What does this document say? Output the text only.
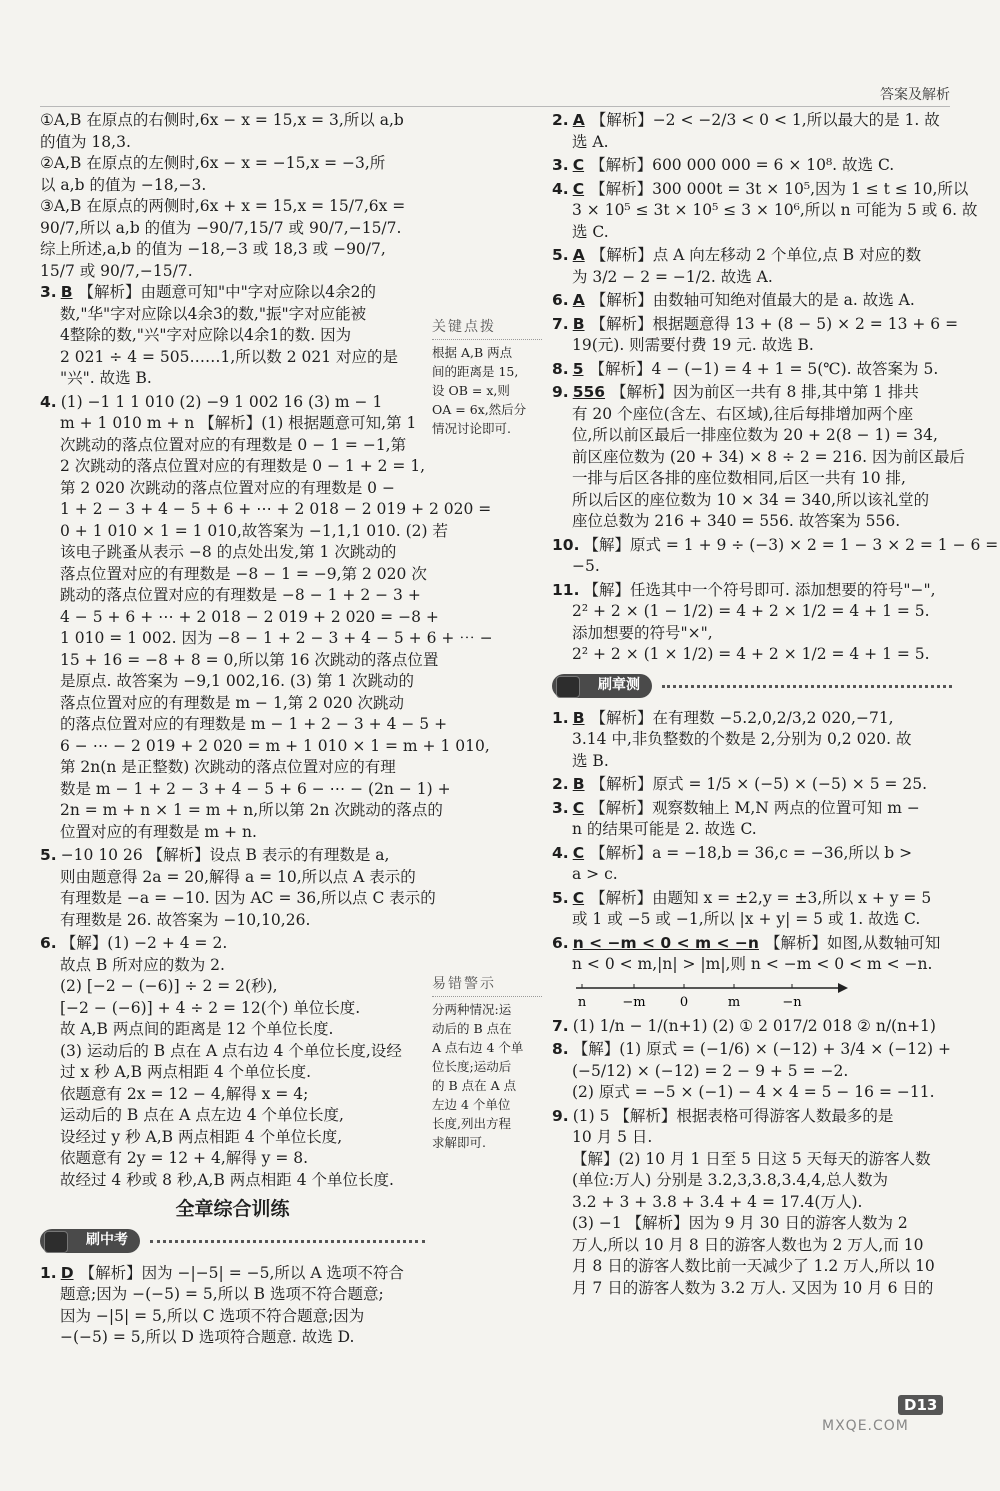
答案及解析
①A,B 在原点的右侧时,6x − x = 15,x = 3,所以 a,b
的值为 18,3.
②A,B 在原点的左侧时,6x − x = −15,x = −3,所
以 a,b 的值为 −18,−3.
③A,B 在原点的两侧时,6x + x = 15,x = 15/7,6x =
90/7,所以 a,b 的值为 −90/7,15/7 或 90/7,−15/7.
综上所述,a,b 的值为 −18,−3 或 18,3 或 −90/7,
15/7 或 90/7,−15/7.
3. B 【解析】由题意可知"中"字对应除以4余2的
数,"华"字对应除以4余3的数,"振"字对应能被
4整除的数,"兴"字对应除以4余1的数. 因为
2 021 ÷ 4 = 505……1,所以数 2 021 对应的是
"兴". 故选 B.
4. (1) −1 1 1 010 (2) −9 1 002 16 (3) m − 1
m + 1 010 m + n 【解析】(1) 根据题意可知,第 1
次跳动的落点位置对应的有理数是 0 − 1 = −1,第
2 次跳动的落点位置对应的有理数是 0 − 1 + 2 = 1,
第 2 020 次跳动的落点位置对应的有理数是 0 −
1 + 2 − 3 + 4 − 5 + 6 + ⋯ + 2 018 − 2 019 + 2 020 =
0 + 1 010 × 1 = 1 010,故答案为 −1,1,1 010. (2) 若
该电子跳蚤从表示 −8 的点处出发,第 1 次跳动的
落点位置对应的有理数是 −8 − 1 = −9,第 2 020 次
跳动的落点位置对应的有理数是 −8 − 1 + 2 − 3 +
4 − 5 + 6 + ⋯ + 2 018 − 2 019 + 2 020 = −8 +
1 010 = 1 002. 因为 −8 − 1 + 2 − 3 + 4 − 5 + 6 + ⋯ −
15 + 16 = −8 + 8 = 0,所以第 16 次跳动的落点位置
是原点. 故答案为 −9,1 002,16. (3) 第 1 次跳动的
落点位置对应的有理数是 m − 1,第 2 020 次跳动
的落点位置对应的有理数是 m − 1 + 2 − 3 + 4 − 5 +
6 − ⋯ − 2 019 + 2 020 = m + 1 010 × 1 = m + 1 010,
第 2n(n 是正整数) 次跳动的落点位置对应的有理
数是 m − 1 + 2 − 3 + 4 − 5 + 6 − ⋯ − (2n − 1) +
2n = m + n × 1 = m + n,所以第 2n 次跳动的落点的
位置对应的有理数是 m + n.
5. −10 10 26 【解析】设点 B 表示的有理数是 a,
则由题意得 2a = 20,解得 a = 10,所以点 A 表示的
有理数是 −a = −10. 因为 AC = 36,所以点 C 表示的
有理数是 26. 故答案为 −10,10,26.
6. 【解】(1) −2 + 4 = 2.
故点 B 所对应的数为 2.
(2) [−2 − (−6)] ÷ 2 = 2(秒),
[−2 − (−6)] + 4 ÷ 2 = 12(个) 单位长度.
故 A,B 两点间的距离是 12 个单位长度.
(3) 运动后的 B 点在 A 点右边 4 个单位长度,设经
过 x 秒 A,B 两点相距 4 个单位长度.
依题意有 2x = 12 − 4,解得 x = 4;
运动后的 B 点在 A 点左边 4 个单位长度,
设经过 y 秒 A,B 两点相距 4 个单位长度,
依题意有 2y = 12 + 4,解得 y = 8.
故经过 4 秒或 8 秒,A,B 两点相距 4 个单位长度.
全章综合训练
刷中考
1. D 【解析】因为 −|−5| = −5,所以 A 选项不符合
题意;因为 −(−5) = 5,所以 B 选项不符合题意;
因为 −|5| = 5,所以 C 选项不符合题意;因为
−(−5) = 5,所以 D 选项符合题意. 故选 D.
2. A 【解析】−2 < −2/3 < 0 < 1,所以最大的是 1. 故
选 A.
3. C 【解析】600 000 000 = 6 × 10⁸. 故选 C.
4. C 【解析】300 000t = 3t × 10⁵,因为 1 ≤ t ≤ 10,所以
3 × 10⁵ ≤ 3t × 10⁵ ≤ 3 × 10⁶,所以 n 可能为 5 或 6. 故
选 C.
5. A 【解析】点 A 向左移动 2 个单位,点 B 对应的数
为 3/2 − 2 = −1/2. 故选 A.
6. A 【解析】由数轴可知绝对值最大的是 a. 故选 A.
7. B 【解析】根据题意得 13 + (8 − 5) × 2 = 13 + 6 =
19(元). 则需要付费 19 元. 故选 B.
8. 5 【解析】4 − (−1) = 4 + 1 = 5(℃). 故答案为 5.
9. 556 【解析】因为前区一共有 8 排,其中第 1 排共
有 20 个座位(含左、右区域),往后每排增加两个座
位,所以前区最后一排座位数为 20 + 2(8 − 1) = 34,
前区座位数为 (20 + 34) × 8 ÷ 2 = 216. 因为前区最后
一排与后区各排的座位数相同,后区一共有 10 排,
所以后区的座位数为 10 × 34 = 340,所以该礼堂的
座位总数为 216 + 340 = 556. 故答案为 556.
10. 【解】原式 = 1 + 9 ÷ (−3) × 2 = 1 − 3 × 2 = 1 − 6 =
−5.
11. 【解】任选其中一个符号即可. 添加想要的符号"−",
2² + 2 × (1 − 1/2) = 4 + 2 × 1/2 = 4 + 1 = 5.
添加想要的符号"×",
2² + 2 × (1 × 1/2) = 4 + 2 × 1/2 = 4 + 1 = 5.
刷章测
1. B 【解析】在有理数 −5.2,0,2/3,2 020,−71,
3.14 中,非负整数的个数是 2,分别为 0,2 020. 故
选 B.
2. B 【解析】原式 = 1/5 × (−5) × (−5) × 5 = 25.
3. C 【解析】观察数轴上 M,N 两点的位置可知 m −
n 的结果可能是 2. 故选 C.
4. C 【解析】a = −18,b = 36,c = −36,所以 b >
a > c.
5. C 【解析】由题知 x = ±2,y = ±3,所以 x + y = 5
或 1 或 −5 或 −1,所以 |x + y| = 5 或 1. 故选 C.
6. n < −m < 0 < m < −n 【解析】如图,从数轴可知
n < 0 < m,|n| > |m|,则 n < −m < 0 < m < −n.
n	−m	0	m	−n
7. (1) 1/n − 1/(n+1) (2) ① 2 017/2 018 ② n/(n+1)
8. 【解】(1) 原式 = (−1/6) × (−12) + 3/4 × (−12) +
(−5/12) × (−12) = 2 − 9 + 5 = −2.
(2) 原式 = −5 × (−1) − 4 × 4 = 5 − 16 = −11.
9. (1) 5 【解析】根据表格可得游客人数最多的是
10 月 5 日.
【解】(2) 10 月 1 日至 5 日这 5 天每天的游客人数
(单位:万人) 分别是 3.2,3,3.8,3.4,4,总人数为
3.2 + 3 + 3.8 + 3.4 + 4 = 17.4(万人).
(3) −1 【解析】因为 9 月 30 日的游客人数为 2
万人,所以 10 月 8 日的游客人数也为 2 万人,而 10
月 8 日的游客人数比前一天减少了 1.2 万人,所以 10
月 7 日的游客人数为 3.2 万人. 又因为 10 月 6 日的
关键点拨
根据 A,B 两点
间的距离是 15,
设 OB = x,则
OA = 6x,然后分
情况讨论即可.
易错警示
分两种情况:运
动后的 B 点在
A 点右边 4 个单
位长度;运动后
的 B 点在 A 点
左边 4 个单位
长度,列出方程
求解即可.
D13
MXQE.COM
